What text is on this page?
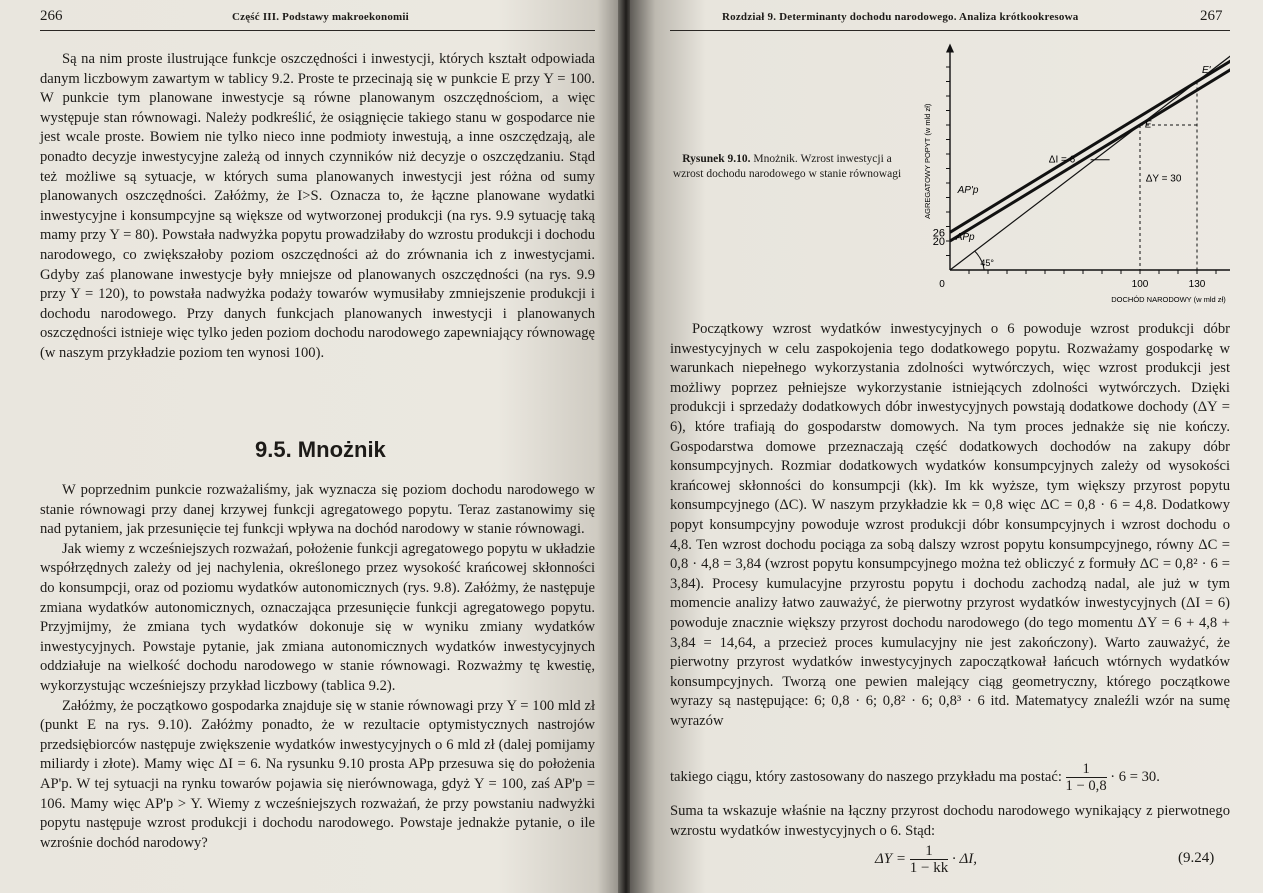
266	Część III. Podstawy makroekonomii

Są na nim proste ilustrujące funkcje oszczędności i inwestycji, których kształt odpowiada danym liczbowym zawartym w tablicy 9.2. Proste te przecinają się w punkcie E przy Y = 100. W punkcie tym planowane inwestycje są równe planowanym oszczędnościom, a więc występuje stan równowagi. Należy podkreślić, że osiągnięcie takiego stanu w gospodarce nie jest wcale proste. Bowiem nie tylko nieco inne podmioty inwestują, a inne oszczędzają, ale ponadto decyzje inwestycyjne zależą od innych czynników niż decyzje o oszczędzaniu. Stąd też możliwe są sytuacje, w których suma planowanych inwestycji jest różna od sumy planowanych oszczędności. Załóżmy, że I>S. Oznacza to, że łączne planowane wydatki inwestycyjne i konsumpcyjne są większe od wytworzonej produkcji (na rys. 9.9 sytuację taką mamy przy Y = 80). Powstała nadwyżka popytu prowadziłaby do wzrostu produkcji i dochodu narodowego, co zwiększałoby poziom oszczędności aż do zrównania ich z inwestycjami. Gdyby zaś planowane inwestycje były mniejsze od planowanych oszczędności (na rys. 9.9 przy Y = 120), to powstała nadwyżka podaży towarów wymusiłaby zmniejszenie produkcji i dochodu narodowego. Przy danych funkcjach planowanych inwestycji i planowanych oszczędności istnieje więc tylko jeden poziom dochodu narodowego zapewniający równowagę (w naszym przykładzie poziom ten wynosi 100).

9.5. Mnożnik

W poprzednim punkcie rozważaliśmy, jak wyznacza się poziom dochodu narodowego w stanie równowagi przy danej krzywej funkcji agregatowego popytu. Teraz zastanowimy się nad pytaniem, jak przesunięcie tej funkcji wpływa na dochód narodowy w stanie równowagi.

Jak wiemy z wcześniejszych rozważań, położenie funkcji agregatowego popytu w układzie współrzędnych zależy od jej nachylenia, określonego przez wysokość krańcowej skłonności do konsumpcji, oraz od poziomu wydatków autonomicznych (rys. 9.8). Załóżmy, że następuje zmiana wydatków autonomicznych, oznaczająca przesunięcie funkcji agregatowego popytu. Przyjmijmy, że zmiana tych wydatków dokonuje się w wyniku zmiany wydatków inwestycyjnych. Powstaje pytanie, jak zmiana autonomicznych wydatków inwestycyjnych oddziałuje na wielkość dochodu narodowego w stanie równowagi. Rozważmy tę kwestię, wykorzystując wcześniejszy przykład liczbowy (tablica 9.2).

Załóżmy, że początkowo gospodarka znajduje się w stanie równowagi przy Y = 100 mld zł (punkt E na rys. 9.10). Załóżmy ponadto, że w rezultacie optymistycznych nastrojów przedsiębiorców następuje zwiększenie wydatków inwestycyjnych o 6 mld zł (dalej pomijamy miliardy i złote). Mamy więc ΔI = 6. Na rysunku 9.10 prosta APp przesuwa się do położenia AP'p. W tej sytuacji na rynku towarów pojawia się nierównowaga, gdyż Y = 100, zaś AP'p = 106. Mamy więc AP'p > Y. Wiemy z wcześniejszych rozważań, że przy powstaniu nadwyżki popytu następuje wzrost produkcji i dochodu narodowego. Powstaje jednakże pytanie, o ile wzrośnie dochód narodowy?

Rozdział 9. Determinanty dochodu narodowego. Analiza krótkookresowa	267
Rysunek 9.10. Mnożnik. Wzrost inwestycji a wzrost dochodu narodowego w stanie równowagi
100	130
26
20
0
45°
APp
AP'p
E
E'
ΔI = 6
ΔY = 30
AGREGATOWY POPYT (w mld zł)
DOCHÓD NARODOWY (w mld zł)

Początkowy wzrost wydatków inwestycyjnych o 6 powoduje wzrost produkcji dóbr inwestycyjnych w celu zaspokojenia tego dodatkowego popytu. Rozważamy gospodarkę w warunkach niepełnego wykorzystania zdolności wytwórczych, więc wzrost produkcji jest możliwy poprzez pełniejsze wykorzystanie istniejących zdolności wytwórczych. Dzięki produkcji i sprzedaży dodatkowych dóbr inwestycyjnych powstają dodatkowe dochody (ΔY = 6), które trafiają do gospodarstw domowych. Na tym proces jednakże się nie kończy. Gospodarstwa domowe przeznaczają część dodatkowych dochodów na zakupy dóbr konsumpcyjnych. Rozmiar dodatkowych wydatków konsumpcyjnych zależy od wysokości krańcowej skłonności do konsumpcji (kk). Im kk wyższe, tym większy przyrost popytu konsumpcyjnego (ΔC). W naszym przykładzie kk = 0,8 więc ΔC = 0,8 · 6 = 4,8. Dodatkowy popyt konsumpcyjny powoduje wzrost produkcji dóbr konsumpcyjnych i wzrost dochodu o 4,8. Ten wzrost dochodu pociąga za sobą dalszy wzrost popytu konsumpcyjnego, równy ΔC = 0,8 · 4,8 = 3,84 (wzrost popytu konsumpcyjnego można też obliczyć z formuły ΔC = 0,8² · 6 = 3,84). Procesy kumulacyjne przyrostu popytu i dochodu zachodzą nadal, ale już w tym momencie analizy łatwo zauważyć, że pierwotny przyrost wydatków inwestycyjnych (ΔI = 6) powoduje znacznie większy przyrost dochodu narodowego (do tego momentu ΔY = 6 + 4,8 + 3,84 = 14,64, a przecież proces kumulacyjny nie jest zakończony). Warto zauważyć, że pierwotny przyrost wydatków inwestycyjnych zapoczątkował łańcuch wtórnych wydatków konsumpcyjnych. Tworzą one pewien malejący ciąg geometryczny, którego początkowe wyrazy są następujące: 6; 0,8 · 6; 0,8² · 6; 0,8³ · 6 itd. Matematycy znaleźli wzór na sumę wyrazów

takiego ciągu, który zastosowany do naszego przykładu ma postać: $\frac{1}{1 - 0,8} \cdot 6 = 30$.

Suma ta wskazuje właśnie na łączny przyrost dochodu narodowego wynikający z pierwotnego wzrostu wydatków inwestycyjnych o 6. Stąd:

$\Delta Y = \frac{1}{1 - kk} \cdot \Delta I$,	(9.24)
